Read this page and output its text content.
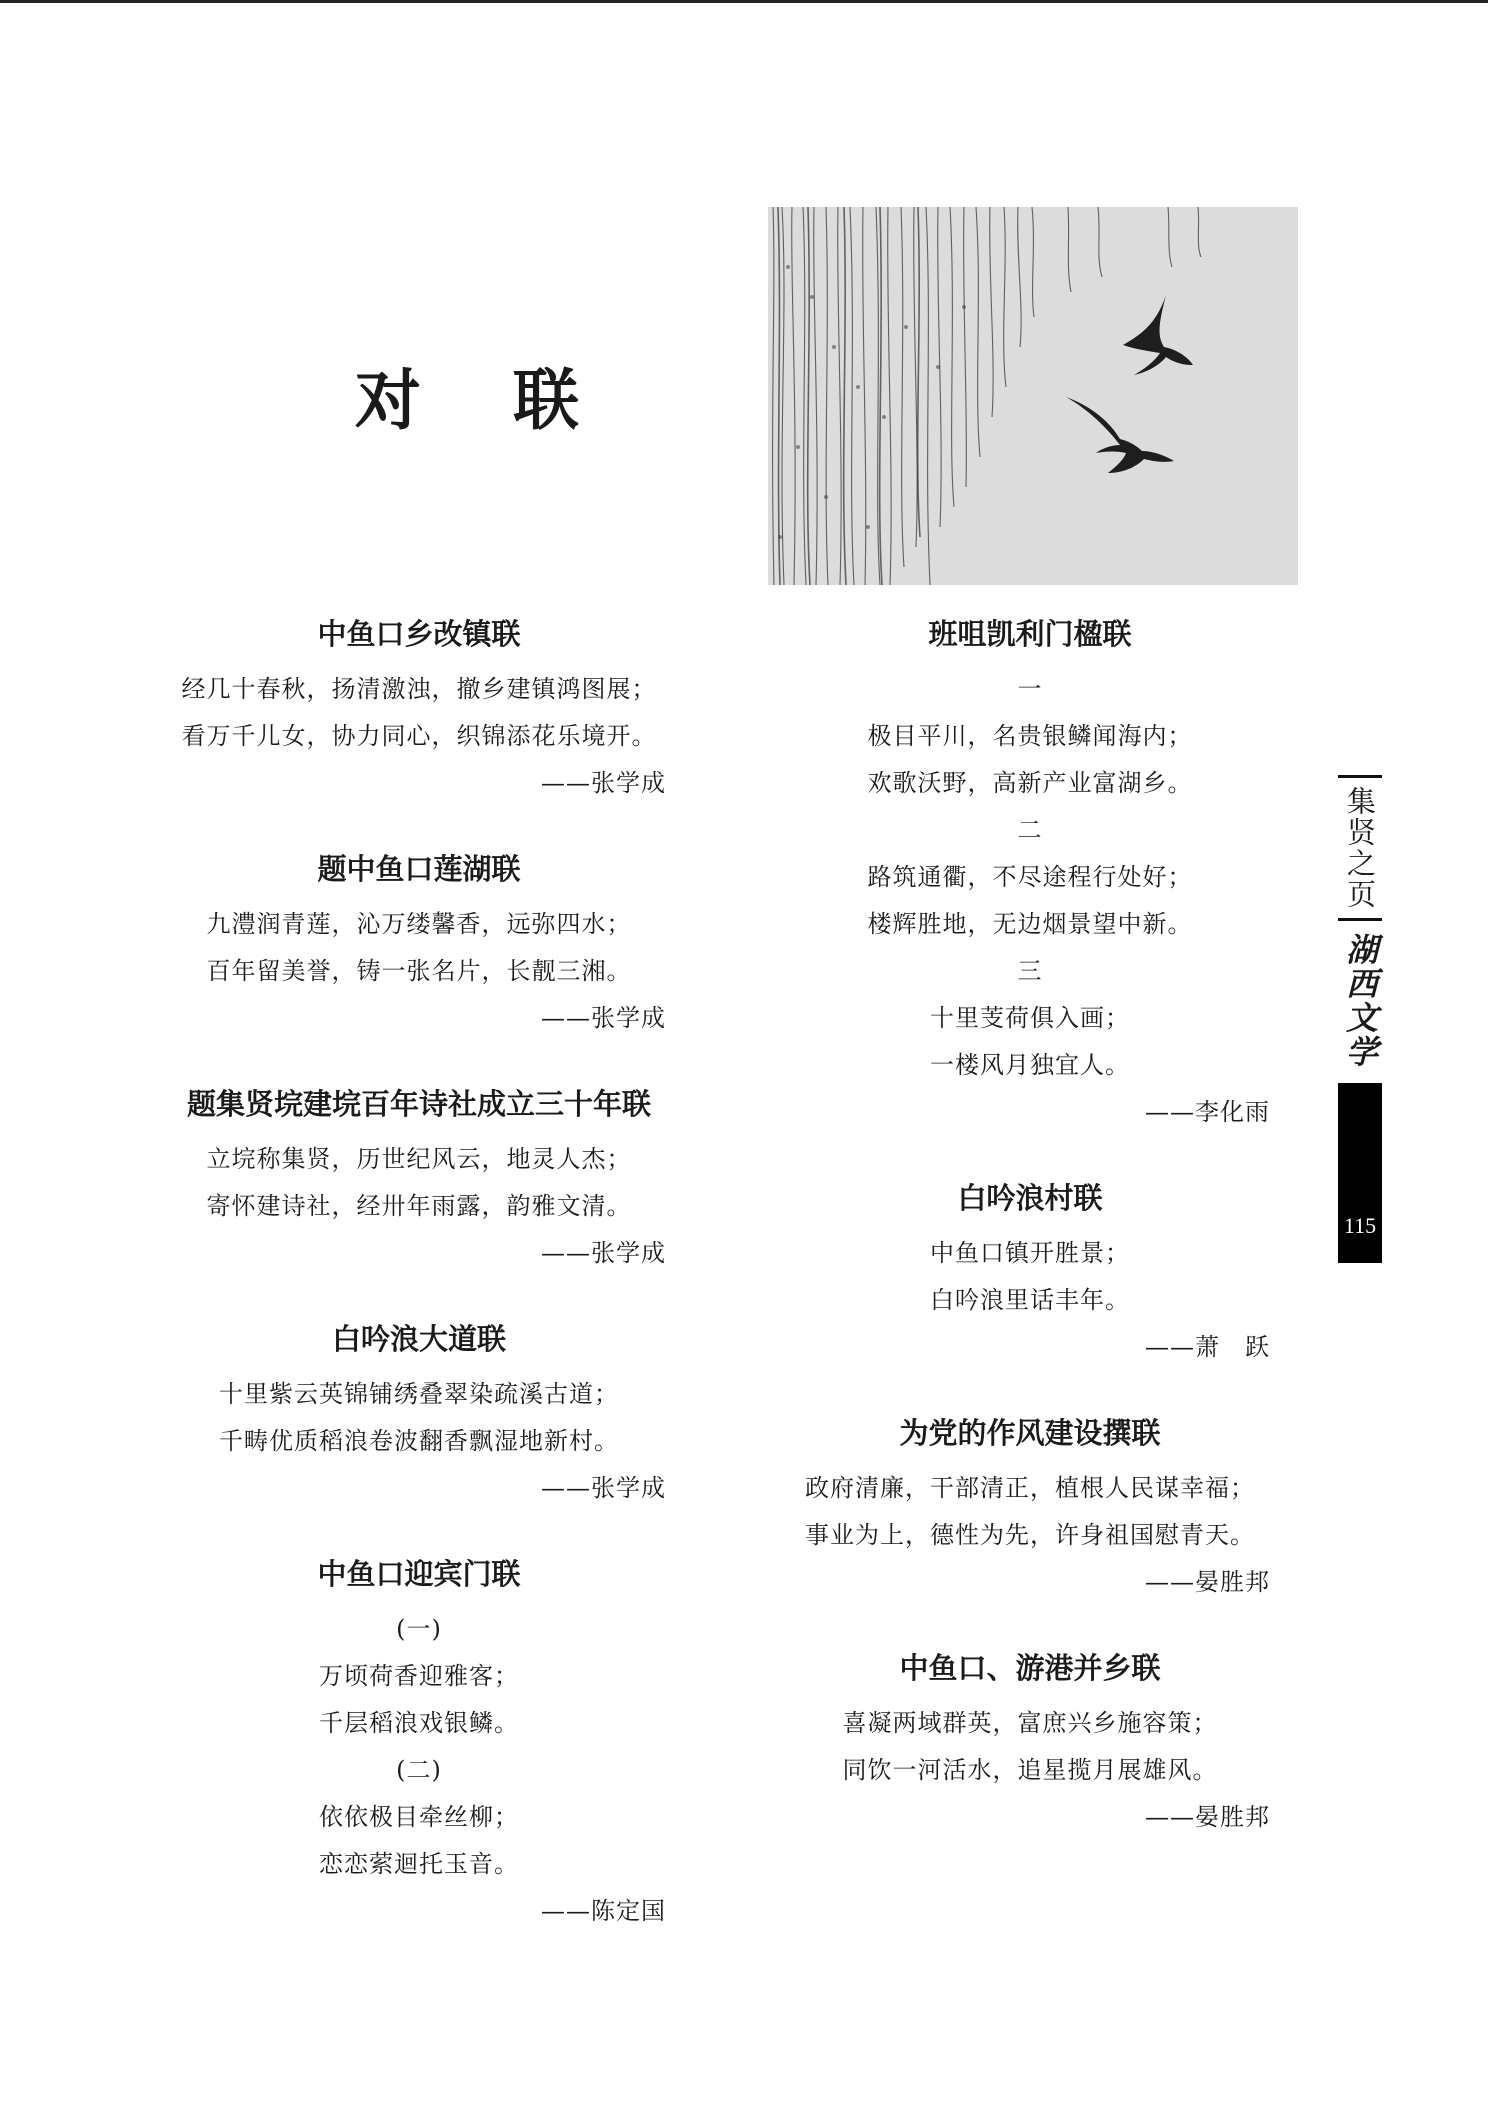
对联
中鱼口乡改镇联

经几十春秋，扬清激浊，撤乡建镇鸿图展；

看万千儿女，协力同心，织锦添花乐境开。

——张学成
题中鱼口莲湖联

九澧润青莲，沁万缕馨香，远弥四水；

百年留美誉，铸一张名片，长靓三湘。

——张学成
题集贤垸建垸百年诗社成立三十年联

立垸称集贤，历世纪风云，地灵人杰；

寄怀建诗社，经卅年雨露，韵雅文清。

——张学成
白吟浪大道联

十里紫云英锦铺绣叠翠染疏溪古道；

千畴优质稻浪卷波翻香飘湿地新村。

——张学成
中鱼口迎宾门联

(一)

万顷荷香迎雅客；

千层稻浪戏银鳞。

(二)

依依极目牵丝柳；

恋恋萦迴托玉音。

——陈定国
班咀凯利门楹联

一

极目平川，名贵银鳞闻海内；

欢歌沃野，高新产业富湖乡。

二

路筑通衢，不尽途程行处好；

楼辉胜地，无边烟景望中新。

三

十里芰荷俱入画；

一楼风月独宜人。

——李化雨
白吟浪村联

中鱼口镇开胜景；

白吟浪里话丰年。

——萧　跃
为党的作风建设撰联

政府清廉，干部清正，植根人民谋幸福；

事业为上，德性为先，许身祖国慰青天。

——晏胜邦
中鱼口、游港并乡联

喜凝两域群英，富庶兴乡施容策；

同饮一河活水，追星揽月展雄风。

——晏胜邦
集贤之页
湖西文学
115
